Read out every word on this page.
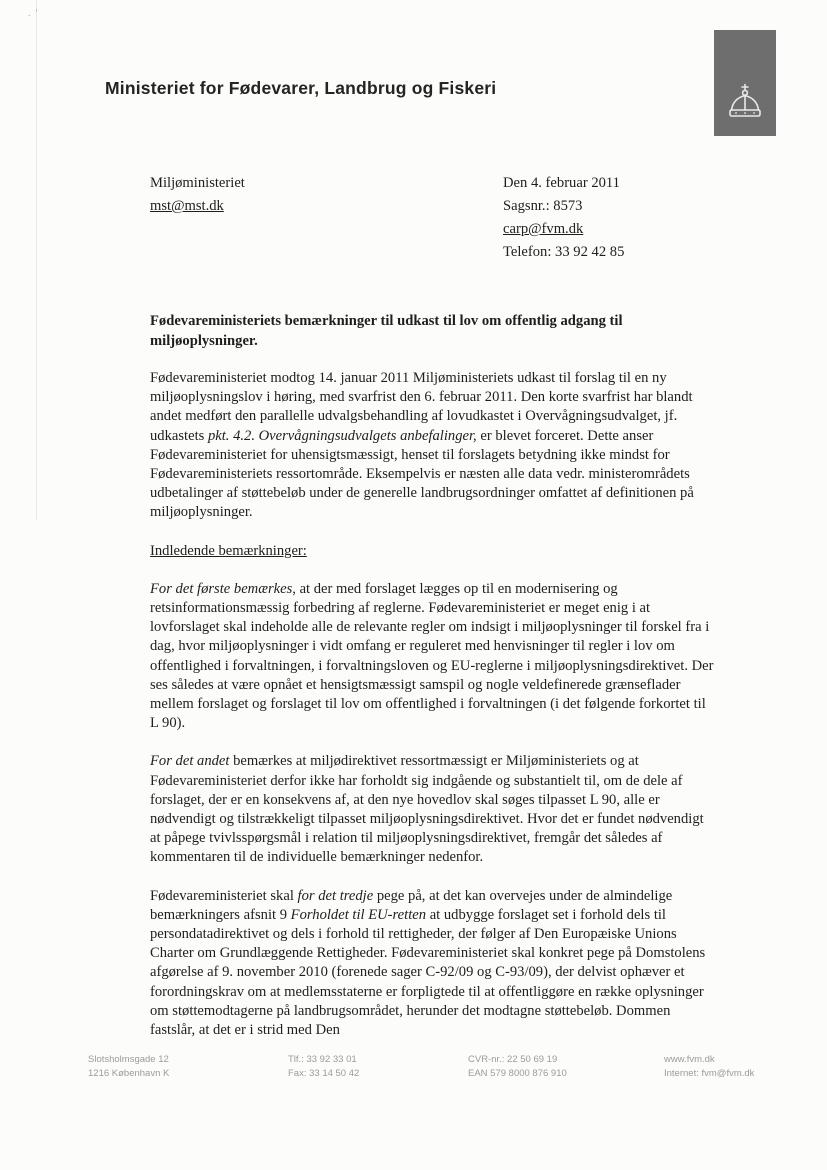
.  ’
Ministeriet for Fødevarer, Landbrug og Fiskeri
Miljøministeriet
mst@mst.dk
Den 4. februar 2011
Sagsnr.: 8573
carp@fvm.dk
Telefon: 33 92 42 85
Fødevareministeriets bemærkninger til udkast til lov om offentlig adgang til miljøoplysninger.

Fødevareministeriet modtog 14. januar 2011 Miljøministeriets udkast til forslag til en ny miljøoplysningslov i høring, med svarfrist den 6. februar 2011. Den korte svarfrist har blandt andet medført den parallelle udvalgsbehandling af lovudkastet i Overvågningsudvalget, jf. udkastets pkt. 4.2. Overvågningsudvalgets anbefalinger, er blevet forceret. Dette anser Fødevareministeriet for uhensigtsmæssigt, henset til forslagets betydning ikke mindst for Fødevareministeriets ressortområde. Eksempelvis er næsten alle data vedr. ministerområdets udbetalinger af støttebeløb under de generelle landbrugsordninger omfattet af definitionen på miljøoplysninger.

Indledende bemærkninger:

For det første bemærkes, at der med forslaget lægges op til en modernisering og retsinformationsmæssig forbedring af reglerne. Fødevareministeriet er meget enig i at lovforslaget skal indeholde alle de relevante regler om indsigt i miljøoplysninger til forskel fra i dag, hvor miljøoplysninger i vidt omfang er reguleret med henvisninger til regler i lov om offentlighed i forvaltningen, i forvaltningsloven og EU-reglerne i miljøoplysningsdirektivet. Der ses således at være opnået et hensigtsmæssigt samspil og nogle veldefinerede grænseflader mellem forslaget og forslaget til lov om offentlighed i forvaltningen (i det følgende forkortet til L 90).

For det andet bemærkes at miljødirektivet ressortmæssigt er Miljøministeriets og at Fødevareministeriet derfor ikke har forholdt sig indgående og substantielt til, om de dele af forslaget, der er en konsekvens af, at den nye hovedlov skal søges tilpasset L 90, alle er nødvendigt og tilstrækkeligt tilpasset miljøoplysningsdirektivet. Hvor det er fundet nødvendigt at påpege tvivlsspørgsmål i relation til miljøoplysningsdirektivet, fremgår det således af kommentaren til de individuelle bemærkninger nedenfor.

Fødevareministeriet skal for det tredje pege på, at det kan overvejes under de almindelige bemærkningers afsnit 9 Forholdet til EU-retten at udbygge forslaget set i forhold dels til persondatadirektivet og dels i forhold til rettigheder, der følger af Den Europæiske Unions Charter om Grundlæggende Rettigheder. Fødevareministeriet skal konkret pege på Domstolens afgørelse af 9. november 2010 (forenede sager C-92/09 og C-93/09), der delvist ophæver et forordningskrav om at medlemsstaterne er forpligtede til at offentliggøre en række oplysninger om støttemodtagerne på landbrugsområdet, herunder det modtagne støttebeløb. Dommen fastslår, at det er i strid med Den

Slotsholmsgade 12
1216 København K
Tlf.: 33 92 33 01
Fax: 33 14 50 42
CVR-nr.: 22 50 69 19
EAN 579 8000 876 910
www.fvm.dk
Internet: fvm@fvm.dk
